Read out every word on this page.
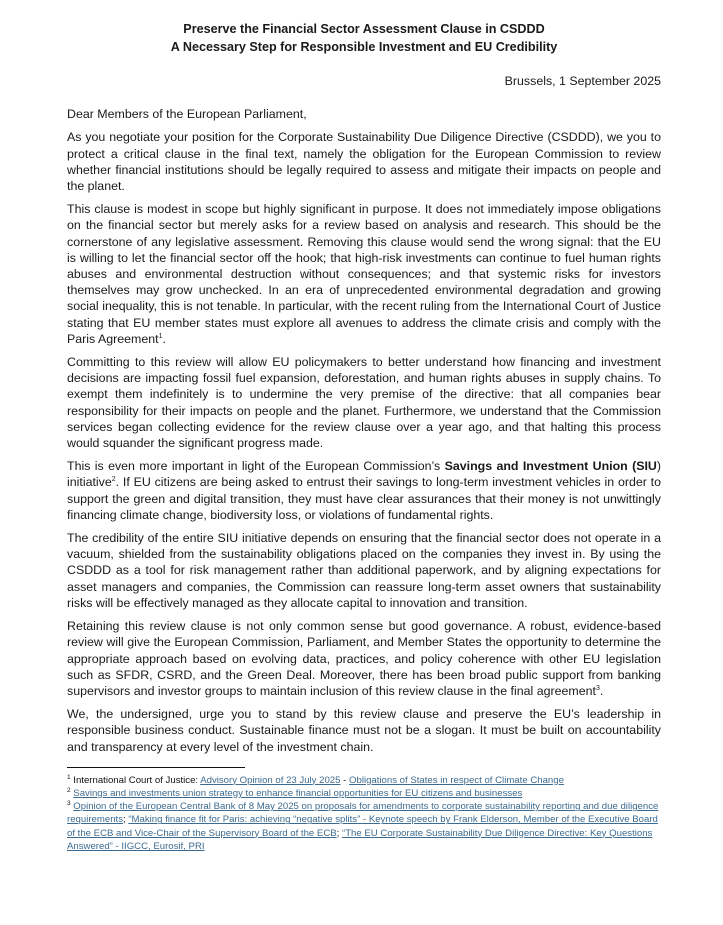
Preserve the Financial Sector Assessment Clause in CSDDD
A Necessary Step for Responsible Investment and EU Credibility
Brussels, 1 September 2025
Dear Members of the European Parliament,

As you negotiate your position for the Corporate Sustainability Due Diligence Directive (CSDDD), we you to protect a critical clause in the final text, namely the obligation for the European Commission to review whether financial institutions should be legally required to assess and mitigate their impacts on people and the planet.

This clause is modest in scope but highly significant in purpose. It does not immediately impose obligations on the financial sector but merely asks for a review based on analysis and research. This should be the cornerstone of any legislative assessment. Removing this clause would send the wrong signal: that the EU is willing to let the financial sector off the hook; that high-risk investments can continue to fuel human rights abuses and environmental destruction without consequences; and that systemic risks for investors themselves may grow unchecked. In an era of unprecedented environmental degradation and growing social inequality, this is not tenable. In particular, with the recent ruling from the International Court of Justice stating that EU member states must explore all avenues to address the climate crisis and comply with the Paris Agreement$^1$.

Committing to this review will allow EU policymakers to better understand how financing and investment decisions are impacting fossil fuel expansion, deforestation, and human rights abuses in supply chains. To exempt them indefinitely is to undermine the very premise of the directive: that all companies bear responsibility for their impacts on people and the planet. Furthermore, we understand that the Commission services began collecting evidence for the review clause over a year ago, and that halting this process would squander the significant progress made.

This is even more important in light of the European Commission’s Savings and Investment Union (SIU) initiative$^2$. If EU citizens are being asked to entrust their savings to long-term investment vehicles in order to support the green and digital transition, they must have clear assurances that their money is not unwittingly financing climate change, biodiversity loss, or violations of fundamental rights.

The credibility of the entire SIU initiative depends on ensuring that the financial sector does not operate in a vacuum, shielded from the sustainability obligations placed on the companies they invest in. By using the CSDDD as a tool for risk management rather than additional paperwork, and by aligning expectations for asset managers and companies, the Commission can reassure long-term asset owners that sustainability risks will be effectively managed as they allocate capital to innovation and transition.

Retaining this review clause is not only common sense but good governance. A robust, evidence-based review will give the European Commission, Parliament, and Member States the opportunity to determine the appropriate approach based on evolving data, practices, and policy coherence with other EU legislation such as SFDR, CSRD, and the Green Deal. Moreover, there has been broad public support from banking supervisors and investor groups to maintain inclusion of this review clause in the final agreement$^3$.

We, the undersigned, urge you to stand by this review clause and preserve the EU’s leadership in responsible business conduct. Sustainable finance must not be a slogan. It must be built on accountability and transparency at every level of the investment chain.

$^1$ International Court of Justice: Advisory Opinion of 23 July 2025 - Obligations of States in respect of Climate Change
$^2$ Savings and investments union strategy to enhance financial opportunities for EU citizens and businesses
$^3$ Opinion of the European Central Bank of 8 May 2025 on proposals for amendments to corporate sustainability reporting and due diligence requirements; “Making finance fit for Paris: achieving “negative splits” - Keynote speech by Frank Elderson, Member of the Executive Board of the ECB and Vice-Chair of the Supervisory Board of the ECB; “The EU Corporate Sustainability Due Diligence Directive: Key Questions Answered” - IIGCC, Eurosif, PRI
